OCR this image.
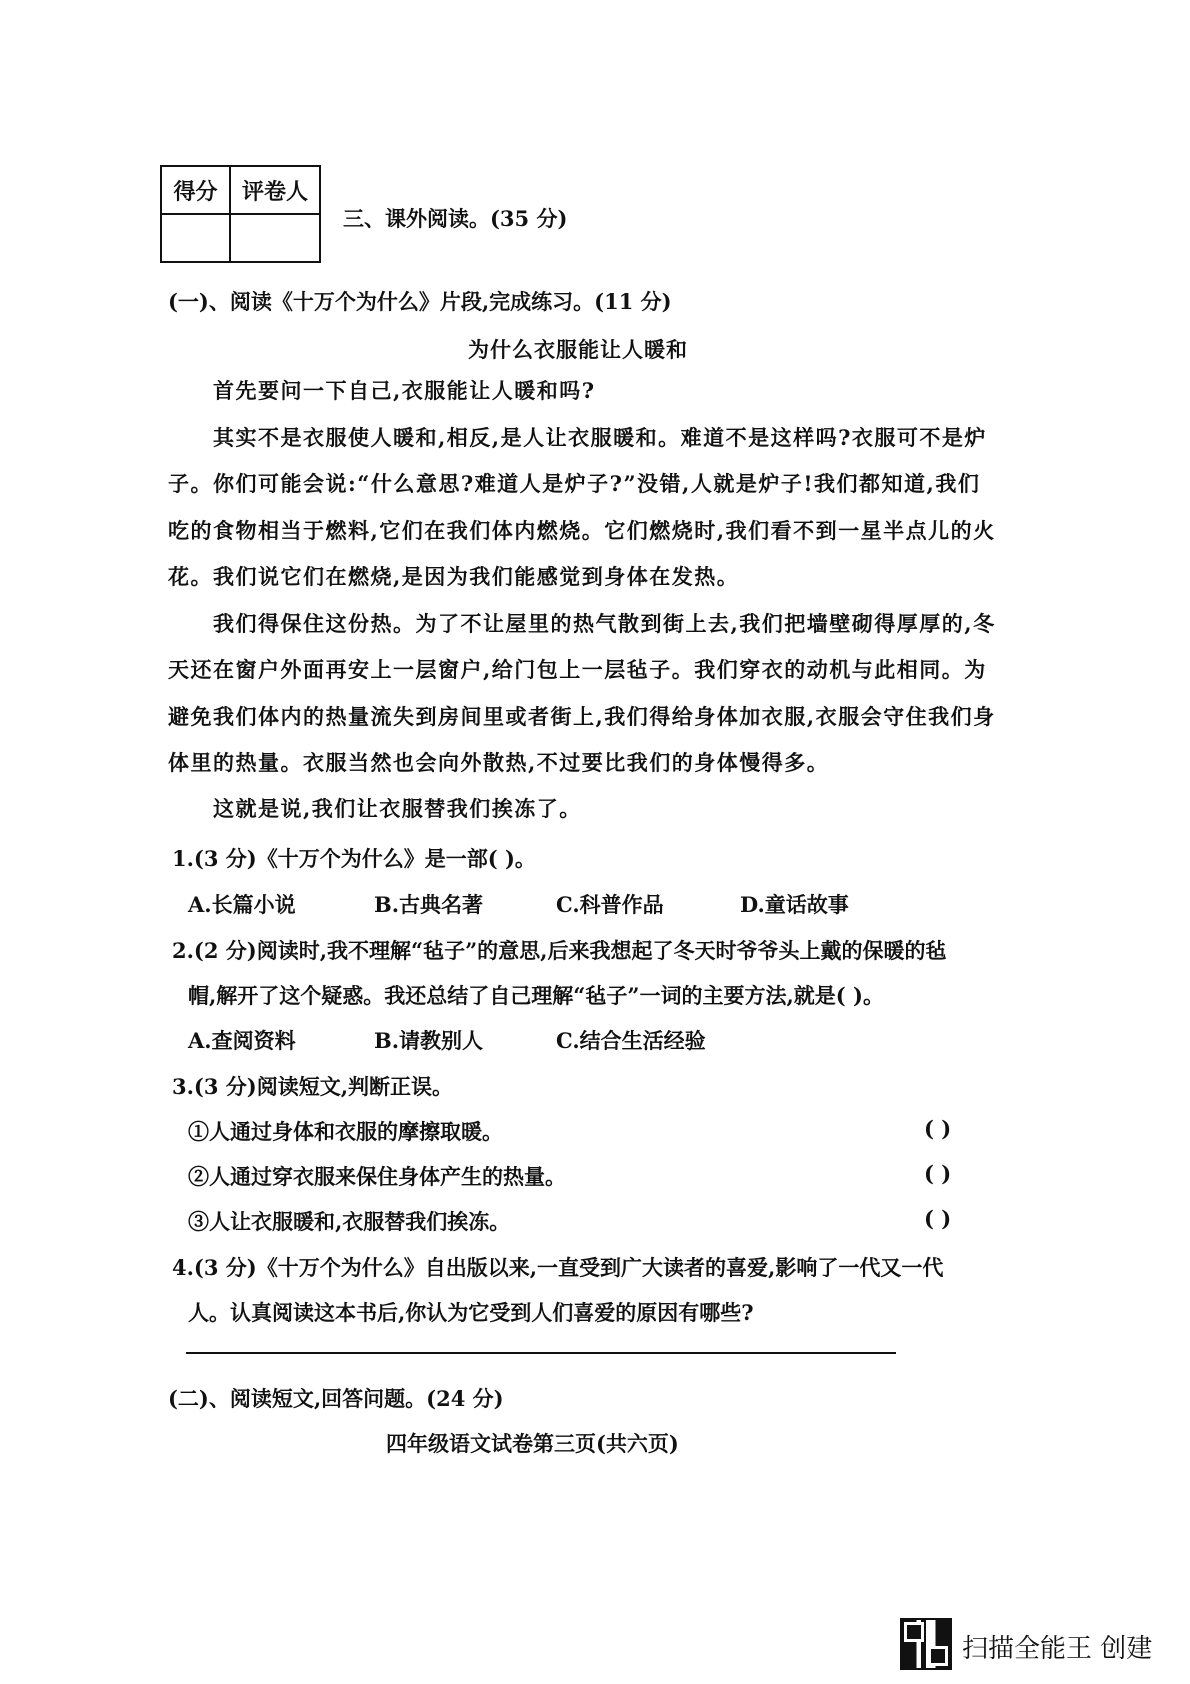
得分	评卷人

三、课外阅读。(35 分)
(一)、阅读《十万个为什么》片段,完成练习。(11 分)
为什么衣服能让人暖和
首先要问一下自己,衣服能让人暖和吗?
其实不是衣服使人暖和,相反,是人让衣服暖和。难道不是这样吗?衣服可不是炉
子。你们可能会说:“什么意思?难道人是炉子?”没错,人就是炉子!我们都知道,我们
吃的食物相当于燃料,它们在我们体内燃烧。它们燃烧时,我们看不到一星半点儿的火
花。我们说它们在燃烧,是因为我们能感觉到身体在发热。
我们得保住这份热。为了不让屋里的热气散到街上去,我们把墙壁砌得厚厚的,冬
天还在窗户外面再安上一层窗户,给门包上一层毡子。我们穿衣的动机与此相同。为
避免我们体内的热量流失到房间里或者街上,我们得给身体加衣服,衣服会守住我们身
体里的热量。衣服当然也会向外散热,不过要比我们的身体慢得多。
这就是说,我们让衣服替我们挨冻了。
1.(3 分)《十万个为什么》是一部( )。
A.长篇小说	B.古典名著	C.科普作品	D.童话故事
2.(2 分)阅读时,我不理解“毡子”的意思,后来我想起了冬天时爷爷头上戴的保暖的毡
帽,解开了这个疑惑。我还总结了自己理解“毡子”一词的主要方法,就是( )。
A.查阅资料	B.请教别人	C.结合生活经验
3.(3 分)阅读短文,判断正误。
①人通过身体和衣服的摩擦取暖。	( )
②人通过穿衣服来保住身体产生的热量。	( )
③人让衣服暖和,衣服替我们挨冻。	( )
4.(3 分)《十万个为什么》自出版以来,一直受到广大读者的喜爱,影响了一代又一代
人。认真阅读这本书后,你认为它受到人们喜爱的原因有哪些?
(二)、阅读短文,回答问题。(24 分)
四年级语文试卷第三页(共六页)
扫描全能王 创建
